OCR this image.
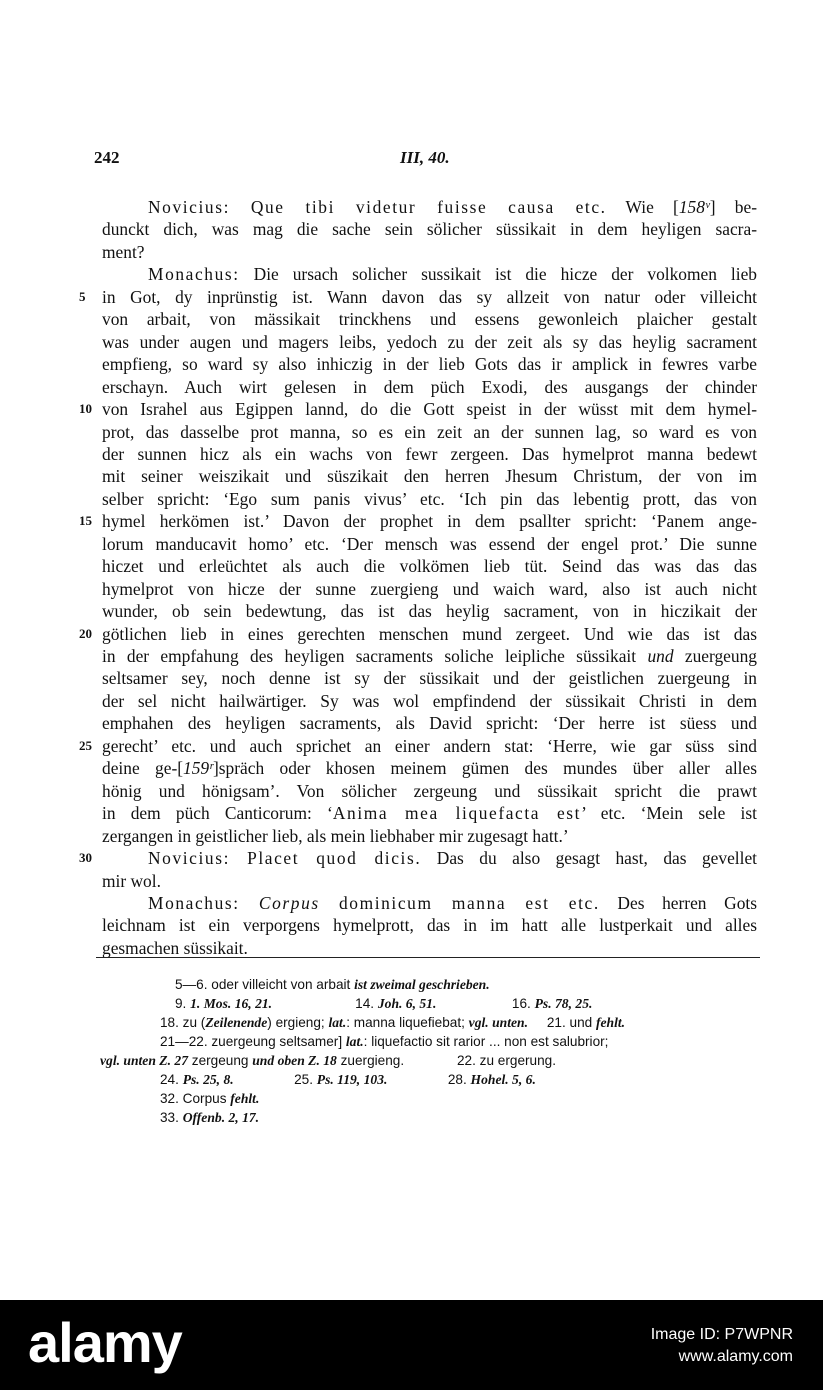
242	III, 40.
Novicius: Que tibi videtur fuisse causa etc. Wie [158ᵛ] be-
dunckt dich, was mag die sache sein sölicher süssikait in dem heyligen sacra-
ment?
Monachus: Die ursach solicher sussikait ist die hicze der volkomen lieb
in Got, dy inprünstig ist. Wann davon das sy allzeit von natur oder villeicht
5
von arbait, von mässikait trinckhens und essens gewonleich plaicher gestalt
was under augen und magers leibs, yedoch zu der zeit als sy das heylig sacrament
empfieng, so ward sy also inhiczig in der lieb Gots das ir amplick in fewres varbe
erschayn. Auch wirt gelesen in dem püch Exodi, des ausgangs der chinder
von Israhel aus Egippen lannd, do die Gott speist in der wüsst mit dem hymel-
10
prot, das dasselbe prot manna, so es ein zeit an der sunnen lag, so ward es von
der sunnen hicz als ein wachs von fewr zergeen. Das hymelprot manna bedewt
mit seiner weiszikait und süszikait den herren Jhesum Christum, der von im
selber spricht: ‘Ego sum panis vivus’ etc. ‘Ich pin das lebentig prott, das von
hymel herkömen ist.’ Davon der prophet in dem psallter spricht: ‘Panem ange-
15
lorum manducavit homo’ etc. ‘Der mensch was essend der engel prot.’ Die sunne
hiczet und erleüchtet als auch die volkömen lieb tüt. Seind das was das das
hymelprot von hicze der sunne zuergieng und waich ward, also ist auch nicht
wunder, ob sein bedewtung, das ist das heylig sacrament, von in hiczikait der
götlichen lieb in eines gerechten menschen mund zergeet. Und wie das ist das
20
in der empfahung des heyligen sacraments soliche leipliche süssikait und zuergeung
seltsamer sey, noch denne ist sy der süssikait und der geistlichen zuergeung in
der sel nicht hailwärtiger. Sy was wol empfindend der süssikait Christi in dem
emphahen des heyligen sacraments, als David spricht: ‘Der herre ist süess und
gerecht’ etc. und auch sprichet an einer andern stat: ‘Herre, wie gar süss sind
25
deine ge-[159ʳ]spräch oder khosen meinem gümen des mundes über aller alles
hönig und hönigsam’. Von sölicher zergeung und süssikait spricht die prawt
in dem püch Canticorum: ‘Anima mea liquefacta est’ etc. ‘Mein sele ist
zergangen in geistlicher lieb, als mein liebhaber mir zugesagt hatt.’
Novicius: Placet quod dicis. Das du also gesagt hast, das gevellet
30
mir wol.
Monachus: Corpus dominicum manna est etc. Des herren Gots
leichnam ist ein verporgens hymelprott, das in im hatt alle lustperkait und alles
gesmachen süssikait.
5—6. oder villeicht von arbait ist zweimal geschrieben.
9. 1. Mos. 16, 21.                      14. Joh. 6, 51.                    16. Ps. 78, 25.
18. zu (Zeilenende) ergieng; lat.: manna liquefiebat; vgl. unten.     21. und fehlt.
21—22. zuergeung seltsamer] lat.: liquefactio sit rarior ... non est salubrior;
vgl. unten Z. 27 zergeung und oben Z. 18 zuergieng.              22. zu ergerung.
24. Ps. 25, 8.                25. Ps. 119, 103.                28. Hohel. 5, 6.
32. Corpus fehlt.
33. Offenb. 2, 17.
alamy	Image ID: P7WPNR
www.alamy.com
